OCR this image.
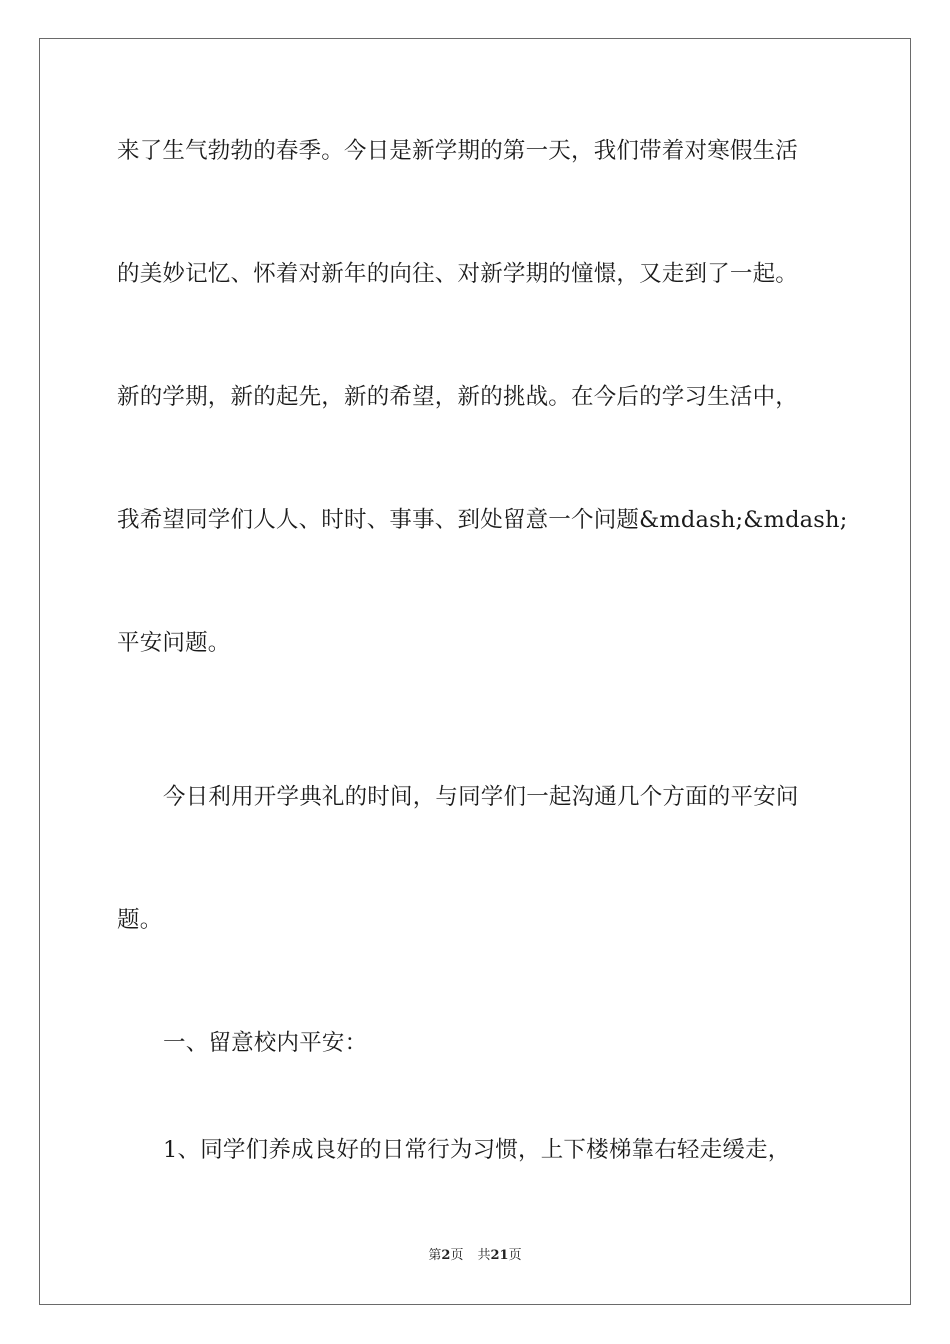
来了生气勃勃的春季。今日是新学期的第一天，我们带着对寒假生活
的美妙记忆、怀着对新年的向往、对新学期的憧憬，又走到了一起。
新的学期，新的起先，新的希望，新的挑战。在今后的学习生活中，
我希望同学们人人、时时、事事、到处留意一个问题&mdash;&mdash;
平安问题。
今日利用开学典礼的时间，与同学们一起沟通几个方面的平安问
题。
一、留意校内平安：
1、同学们养成良好的日常行为习惯，上下楼梯靠右轻走缓走，
第2页 共21页
